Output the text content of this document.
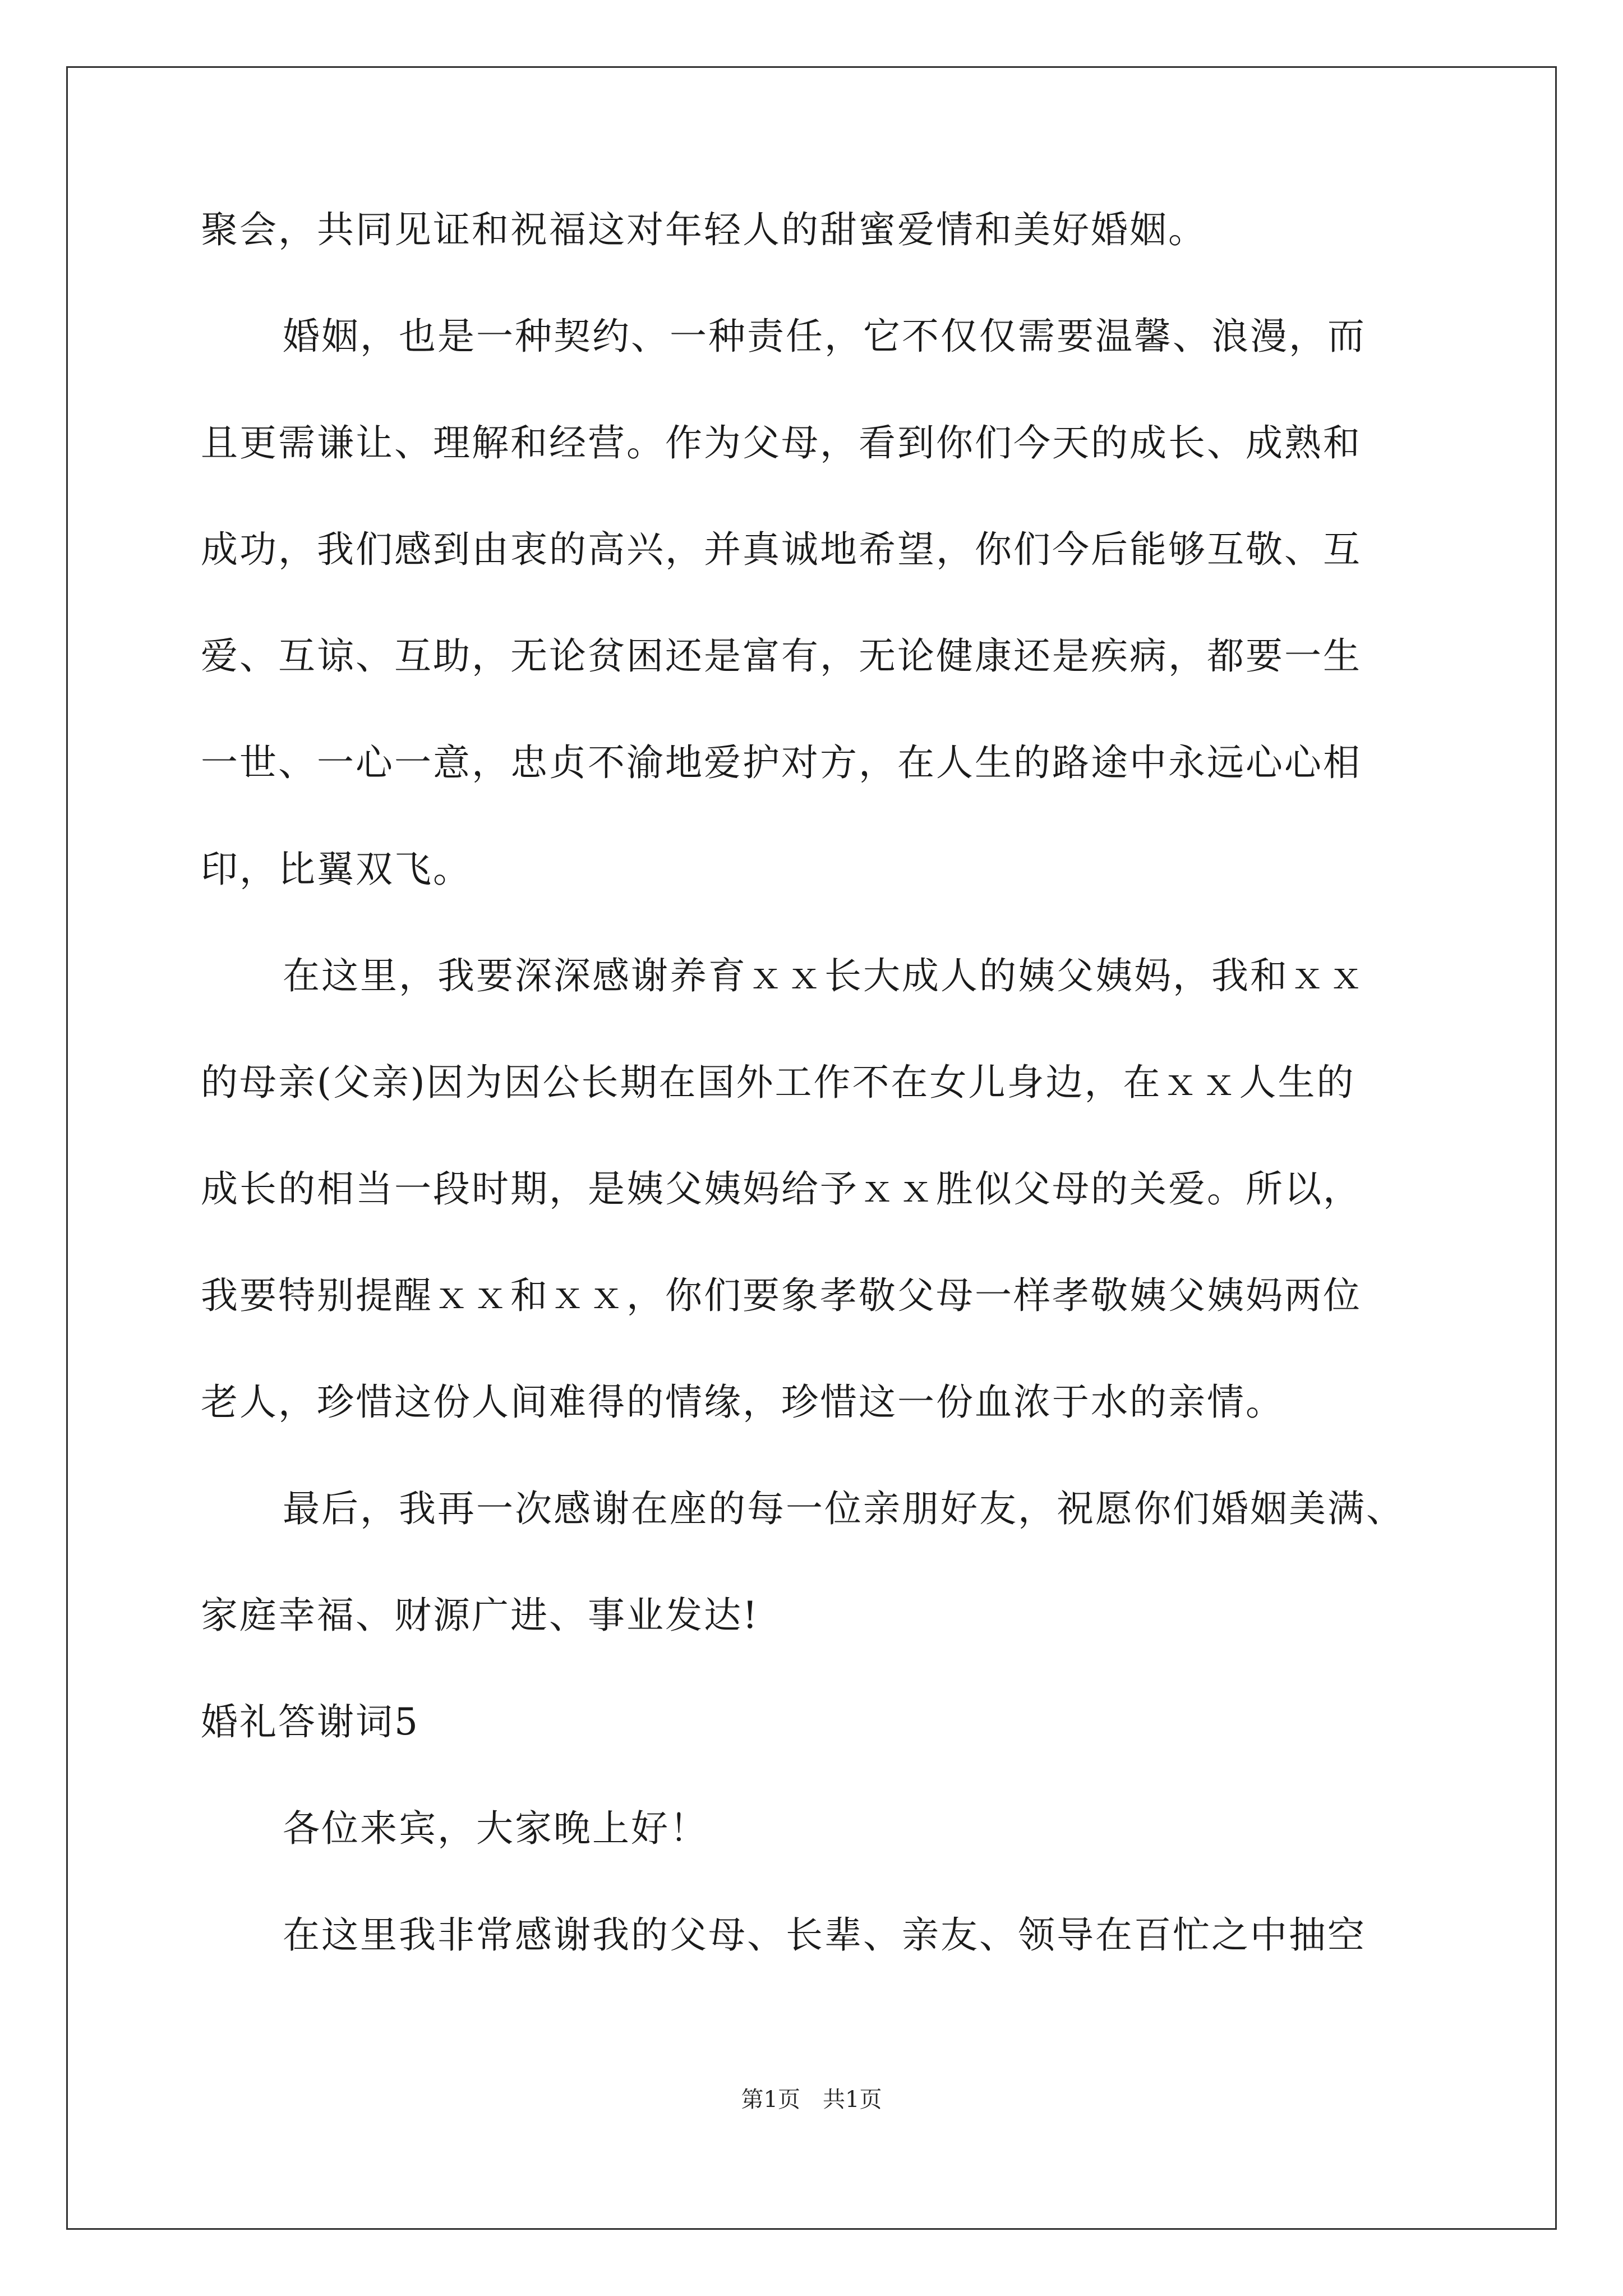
聚会，共同见证和祝福这对年轻人的甜蜜爱情和美好婚姻。
婚姻，也是一种契约、一种责任，它不仅仅需要温馨、浪漫，而
且更需谦让、理解和经营。作为父母，看到你们今天的成长、成熟和
成功，我们感到由衷的高兴，并真诚地希望，你们今后能够互敬、互
爱、互谅、互助，无论贫困还是富有，无论健康还是疾病，都要一生
一世、一心一意，忠贞不渝地爱护对方，在人生的路途中永远心心相
印，比翼双飞。
在这里，我要深深感谢养育ｘｘ长大成人的姨父姨妈，我和ｘｘ
的母亲(父亲)因为因公长期在国外工作不在女儿身边，在ｘｘ人生的
成长的相当一段时期，是姨父姨妈给予ｘｘ胜似父母的关爱。所以，
我要特别提醒ｘｘ和ｘｘ，你们要象孝敬父母一样孝敬姨父姨妈两位
老人，珍惜这份人间难得的情缘，珍惜这一份血浓于水的亲情。
最后，我再一次感谢在座的每一位亲朋好友，祝愿你们婚姻美满、
家庭幸福、财源广进、事业发达!
婚礼答谢词5
各位来宾，大家晚上好！
在这里我非常感谢我的父母、长辈、亲友、领导在百忙之中抽空
第1页　共1页
